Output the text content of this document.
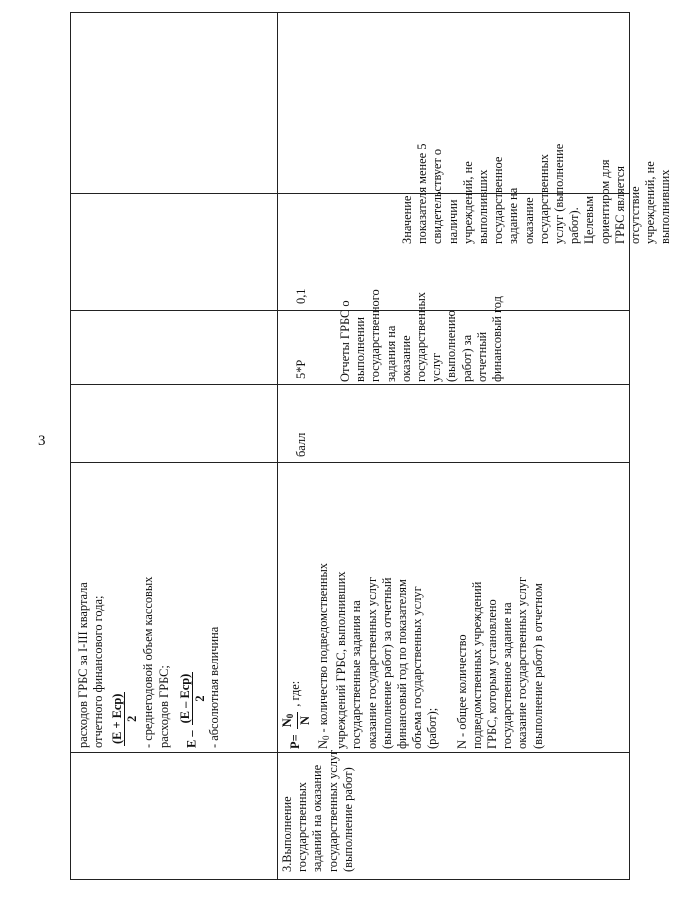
3
расходов ГРБС за I-III квартала отчетного финансового года; (E + Eср) 2 - среднегодовой объем кассовых расходов ГРБС;	E –
(E – Eср) 2 - абсолютная величина
3.Выполнение государственных заданий на оказание государственных услуг (выполнение работ)
P=
$N_0$ N
, где:
$N_0$ - количество подведомственных учреждений ГРБС, выполнивших государственные задания на оказание государственных услуг (выполнение работ) за отчетный финансовый год по показателям объема государственных услуг (работ); N - общее количество подведомственных учреждений ГРБС, которым установлено государственное задание на оказание государственных услуг (выполнение работ) в отчетном
балл
5*P
0,1
Отчеты ГРБС о выполнении государственного задания на оказание государственных услуг (выполнению работ) за отчетный финансовый год
Значение показателя менее 5 свидетельствует о наличии учреждений, не выполнивших государственное задание на оказание государственных услуг (выполнение работ). Целевым ориентиром для ГРБС является отсутствие учреждений, не выполнивших
